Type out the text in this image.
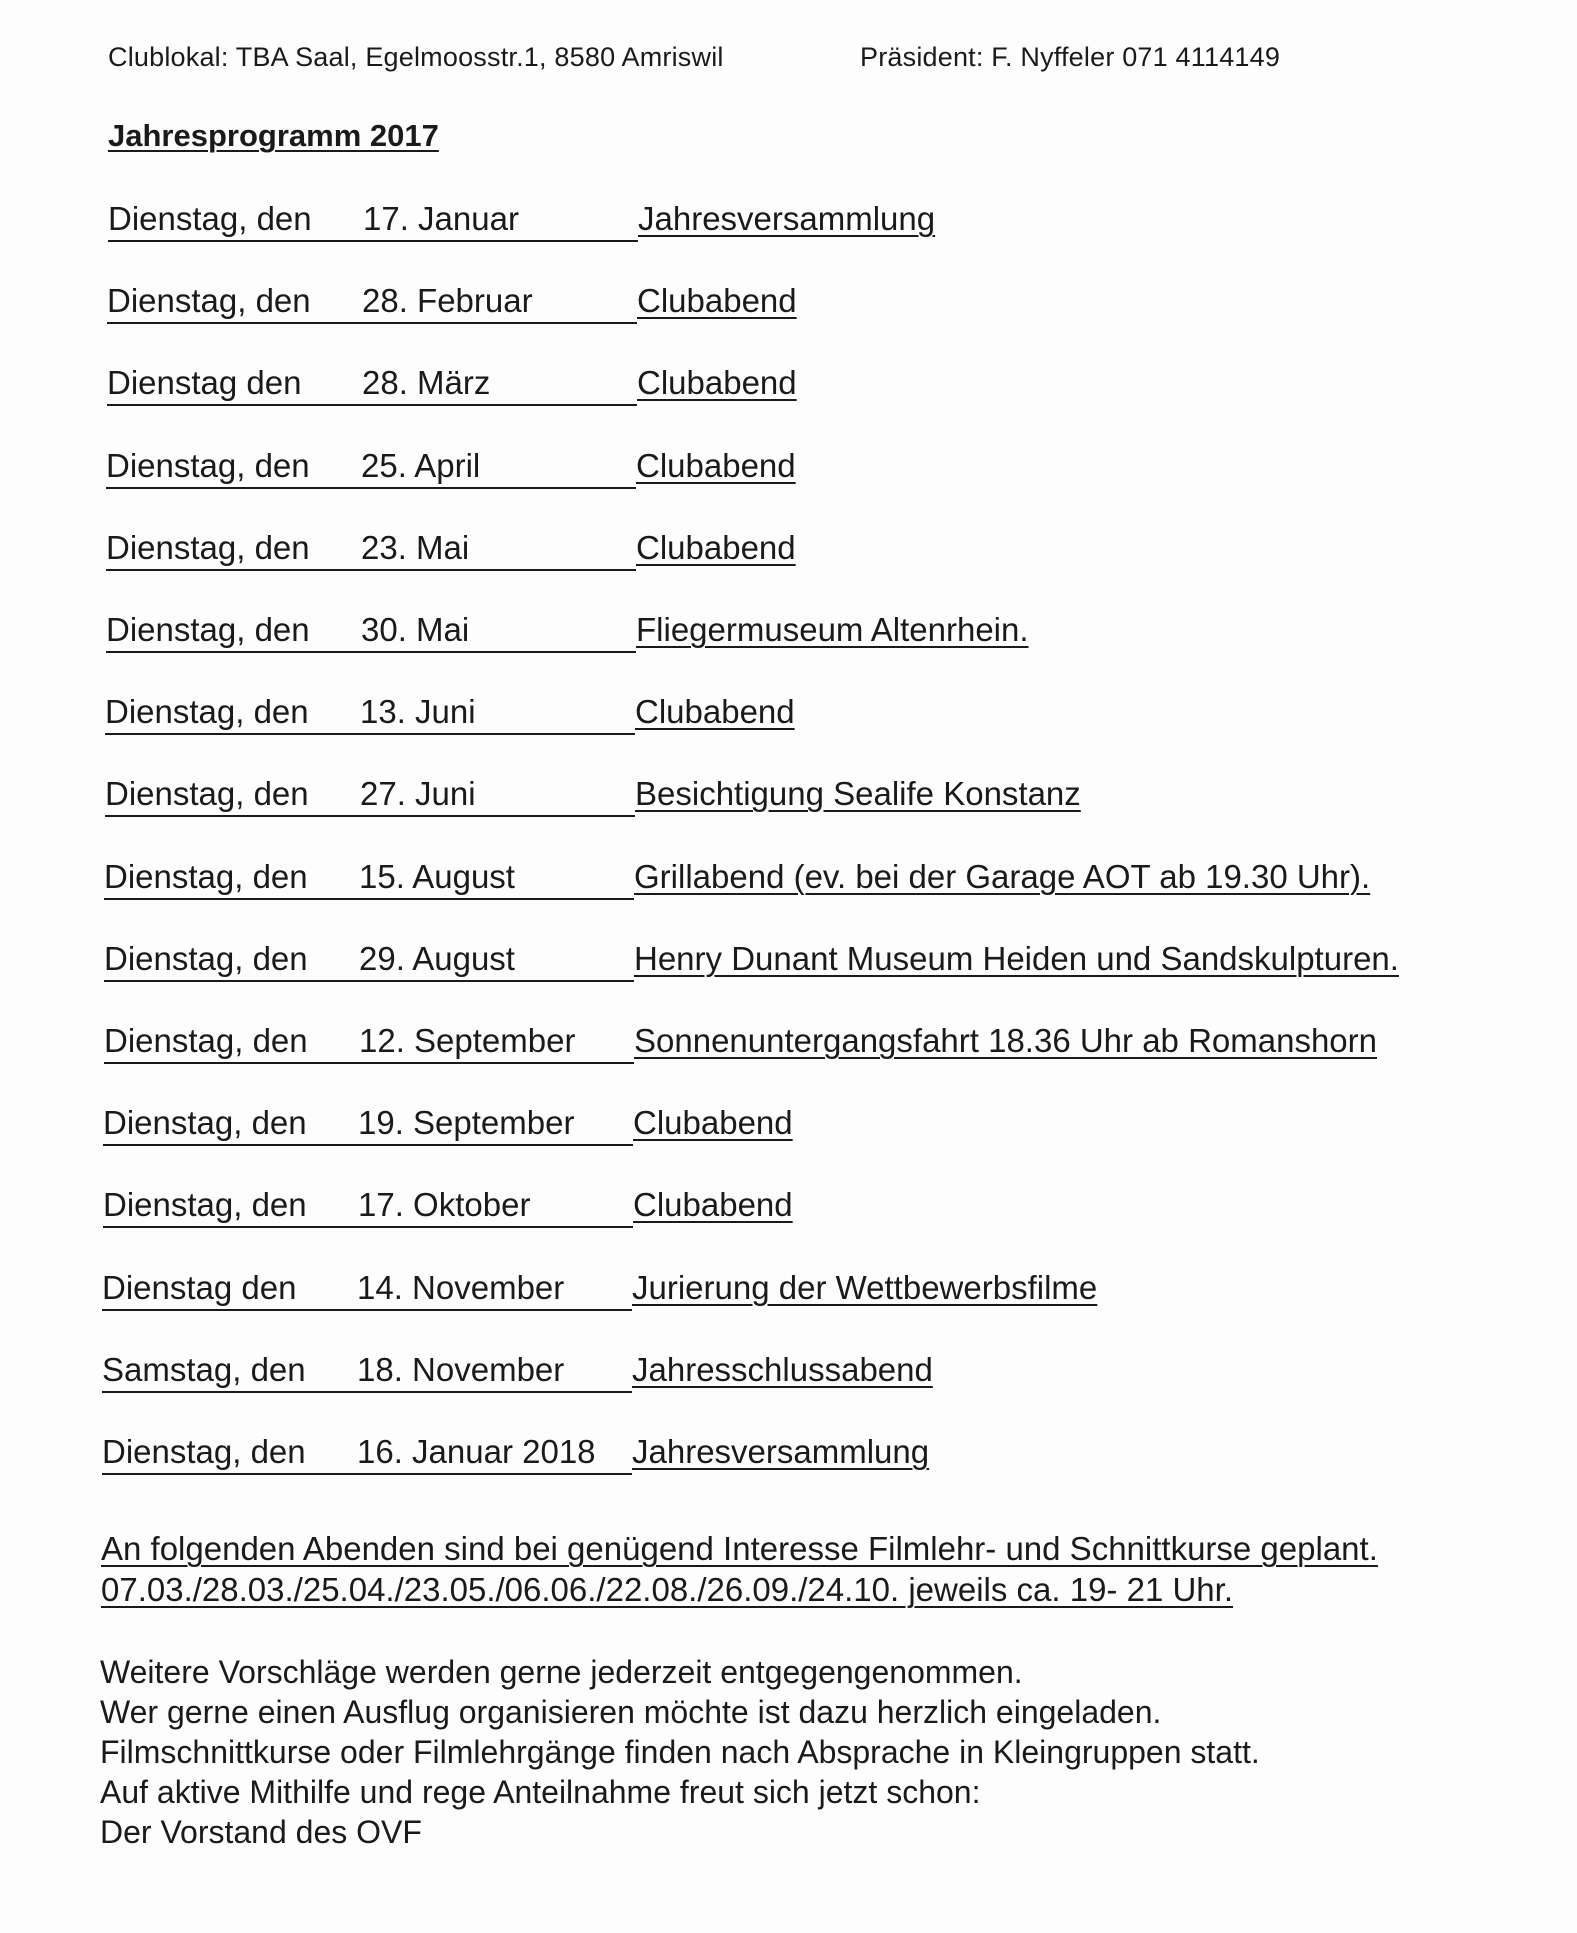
Clublokal: TBA Saal, Egelmoosstr.1, 8580 Amriswil	Präsident: F. Nyffeler 071 4114149
Jahresprogramm 2017
Dienstag, den 17. Januar	Jahresversammlung
Dienstag, den 28. Februar	Clubabend
Dienstag den 28. März	Clubabend
Dienstag, den 25. April	Clubabend
Dienstag, den 23. Mai	Clubabend
Dienstag, den 30. Mai	Fliegermuseum Altenrhein.
Dienstag, den 13. Juni	Clubabend
Dienstag, den 27. Juni	Besichtigung Sealife Konstanz
Dienstag, den 15. August	Grillabend (ev. bei der Garage AOT ab 19.30 Uhr).
Dienstag, den 29. August	Henry Dunant Museum Heiden und Sandskulpturen.
Dienstag, den 12. September Sonnenuntergangsfahrt 18.36 Uhr ab Romanshorn
Dienstag, den 19. September Clubabend
Dienstag, den 17. Oktober	Clubabend
Dienstag den 14. November Jurierung der Wettbewerbsfilme
Samstag, den 18. November Jahresschlussabend
Dienstag, den 16. Januar 2018 Jahresversammlung
An folgenden Abenden sind bei genügend Interesse Filmlehr- und Schnittkurse geplant.
07.03./28.03./25.04./23.05./06.06./22.08./26.09./24.10. jeweils ca. 19- 21 Uhr.
Weitere Vorschläge werden gerne jederzeit entgegengenommen.
Wer gerne einen Ausflug organisieren möchte ist dazu herzlich eingeladen.
Filmschnittkurse oder Filmlehrgänge finden nach Absprache in Kleingruppen statt.
Auf aktive Mithilfe und rege Anteilnahme freut sich jetzt schon:
Der Vorstand des OVF
